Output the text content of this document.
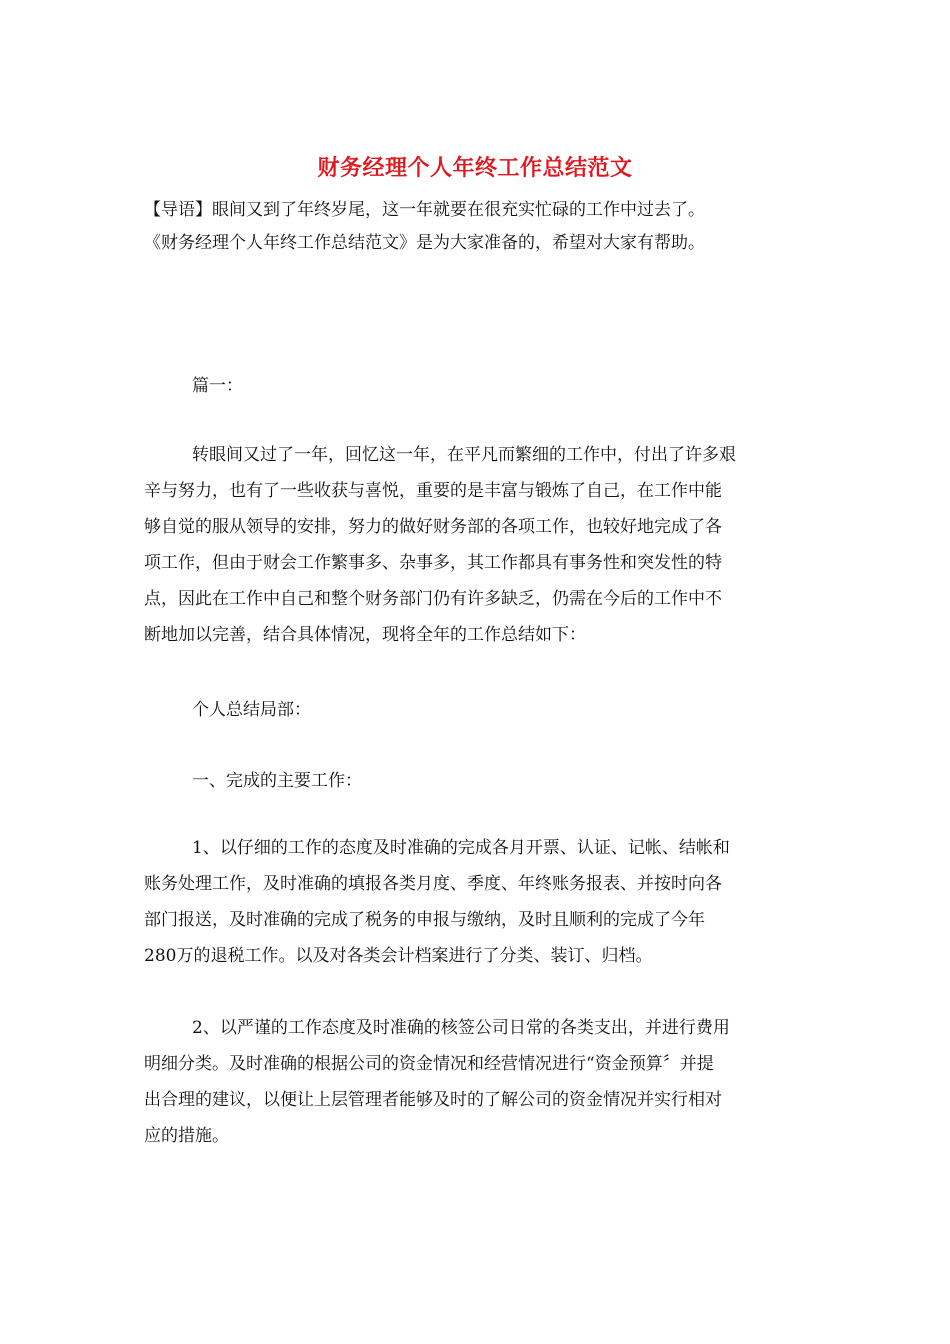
财务经理个人年终工作总结范文
【导语】眼间又到了年终岁尾，这一年就要在很充实忙碌的工作中过去了。
《财务经理个人年终工作总结范文》是为大家准备的，希望对大家有帮助。

篇一：

转眼间又过了一年，回忆这一年，在平凡而繁细的工作中，付出了许多艰
辛与努力，也有了一些收获与喜悦，重要的是丰富与锻炼了自己，在工作中能
够自觉的服从领导的安排，努力的做好财务部的各项工作，也较好地完成了各
项工作，但由于财会工作繁事多、杂事多，其工作都具有事务性和突发性的特
点，因此在工作中自己和整个财务部门仍有许多缺乏，仍需在今后的工作中不
断地加以完善，结合具体情况，现将全年的工作总结如下：

个人总结局部：

一、完成的主要工作：

1、以仔细的工作的态度及时准确的完成各月开票、认证、记帐、结帐和
账务处理工作，及时准确的填报各类月度、季度、年终账务报表、并按时向各
部门报送，及时准确的完成了税务的申报与缴纳，及时且顺利的完成了今年
280万的退税工作。以及对各类会计档案进行了分类、装订、归档。
2、以严谨的工作态度及时准确的核签公司日常的各类支出，并进行费用
明细分类。及时准确的根据公司的资金情况和经营情况进行“资金预算〞并提
出合理的建议，以便让上层管理者能够及时的了解公司的资金情况并实行相对
应的措施。
